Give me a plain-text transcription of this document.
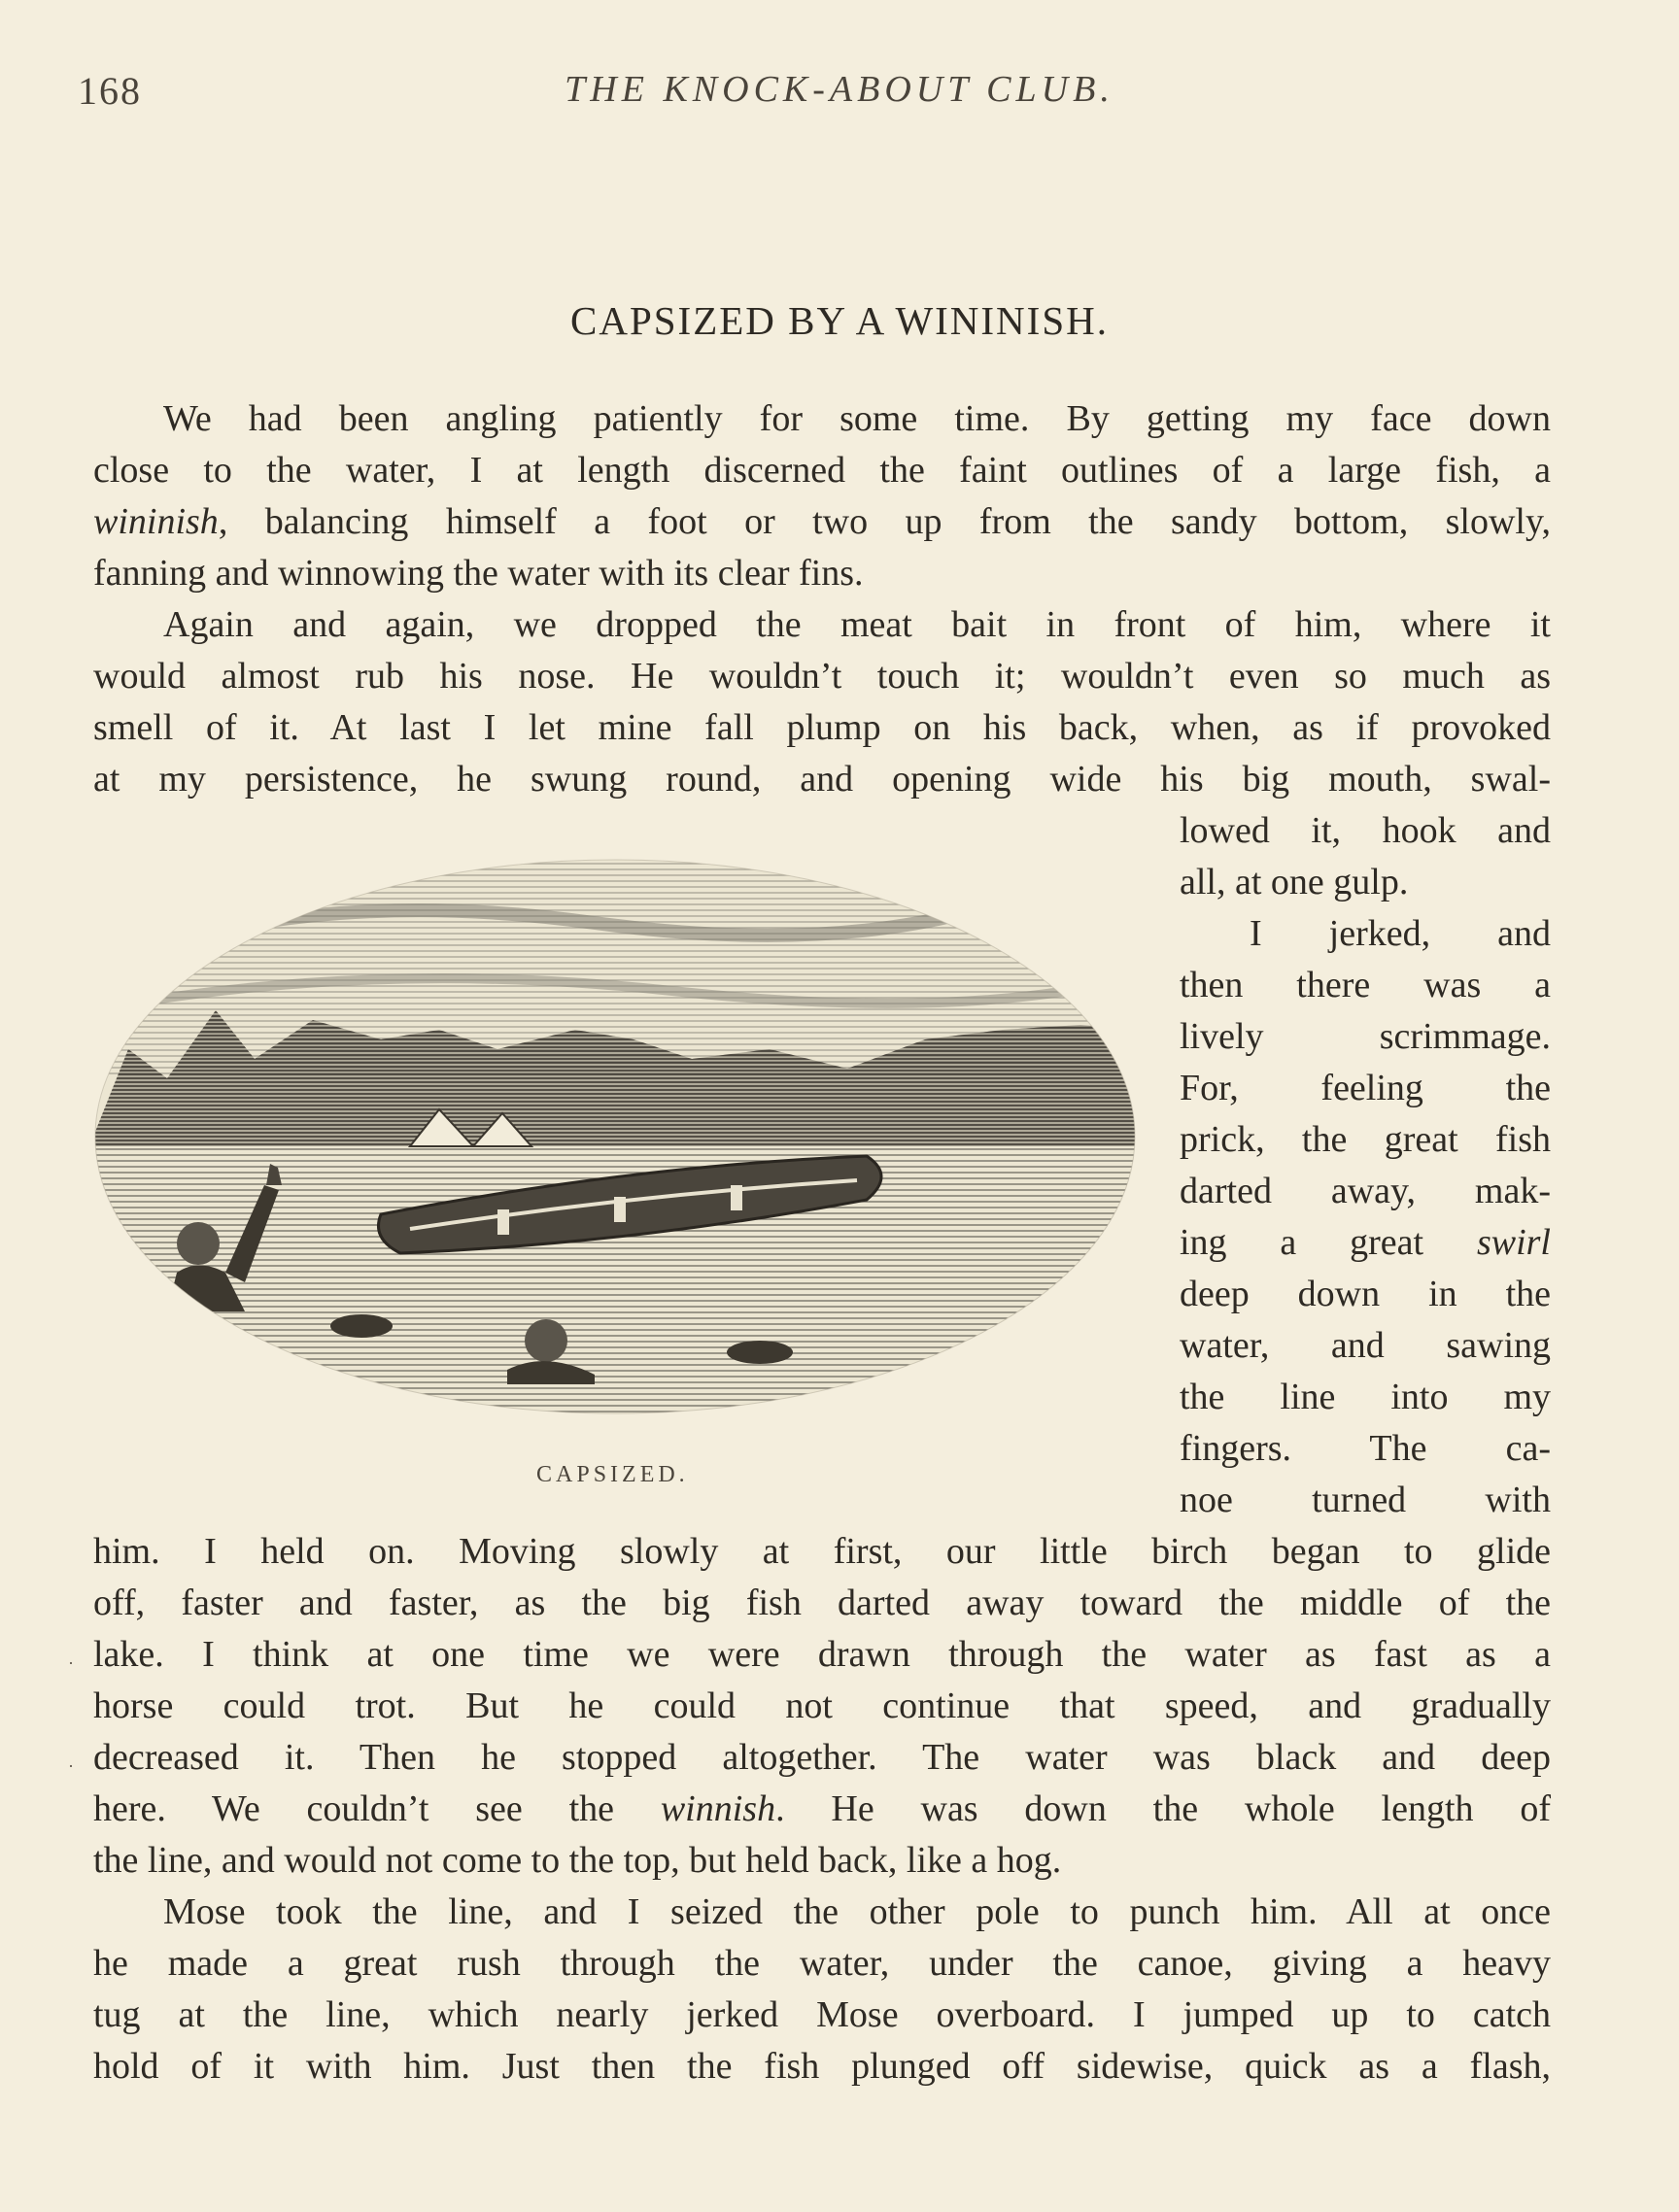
168	THE KNOCK-ABOUT CLUB.
CAPSIZED BY A WININISH.
We had been angling patiently for some time. By getting my face down
close to the water, I at length discerned the faint outlines of a large fish, a
wininish, balancing himself a foot or two up from the sandy bottom, slowly,
fanning and winnowing the water with its clear fins.
Again and again, we dropped the meat bait in front of him, where it
would almost rub his nose. He wouldn’t touch it; wouldn’t even so much as
smell of it. At last I let mine fall plump on his back, when, as if provoked
at my persistence, he swung round, and opening wide his big mouth, swal-
lowed it, hook and
all, at one gulp.
I jerked, and
then there was a
lively scrimmage.
For, feeling the
prick, the great fish
darted away, mak-
ing a great swirl
deep down in the
water, and sawing
the line into my
fingers. The ca-
noe turned with
him. I held on. Moving slowly at first, our little birch began to glide
off, faster and faster, as the big fish darted away toward the middle of the
lake. I think at one time we were drawn through the water as fast as a
horse could trot. But he could not continue that speed, and gradually
decreased it. Then he stopped altogether. The water was black and deep
here. We couldn’t see the winnish. He was down the whole length of
the line, and would not come to the top, but held back, like a hog.
Mose took the line, and I seized the other pole to punch him. All at once
he made a great rush through the water, under the canoe, giving a heavy
tug at the line, which nearly jerked Mose overboard. I jumped up to catch
hold of it with him. Just then the fish plunged off sidewise, quick as a flash,
CAPSIZED.
·
·
